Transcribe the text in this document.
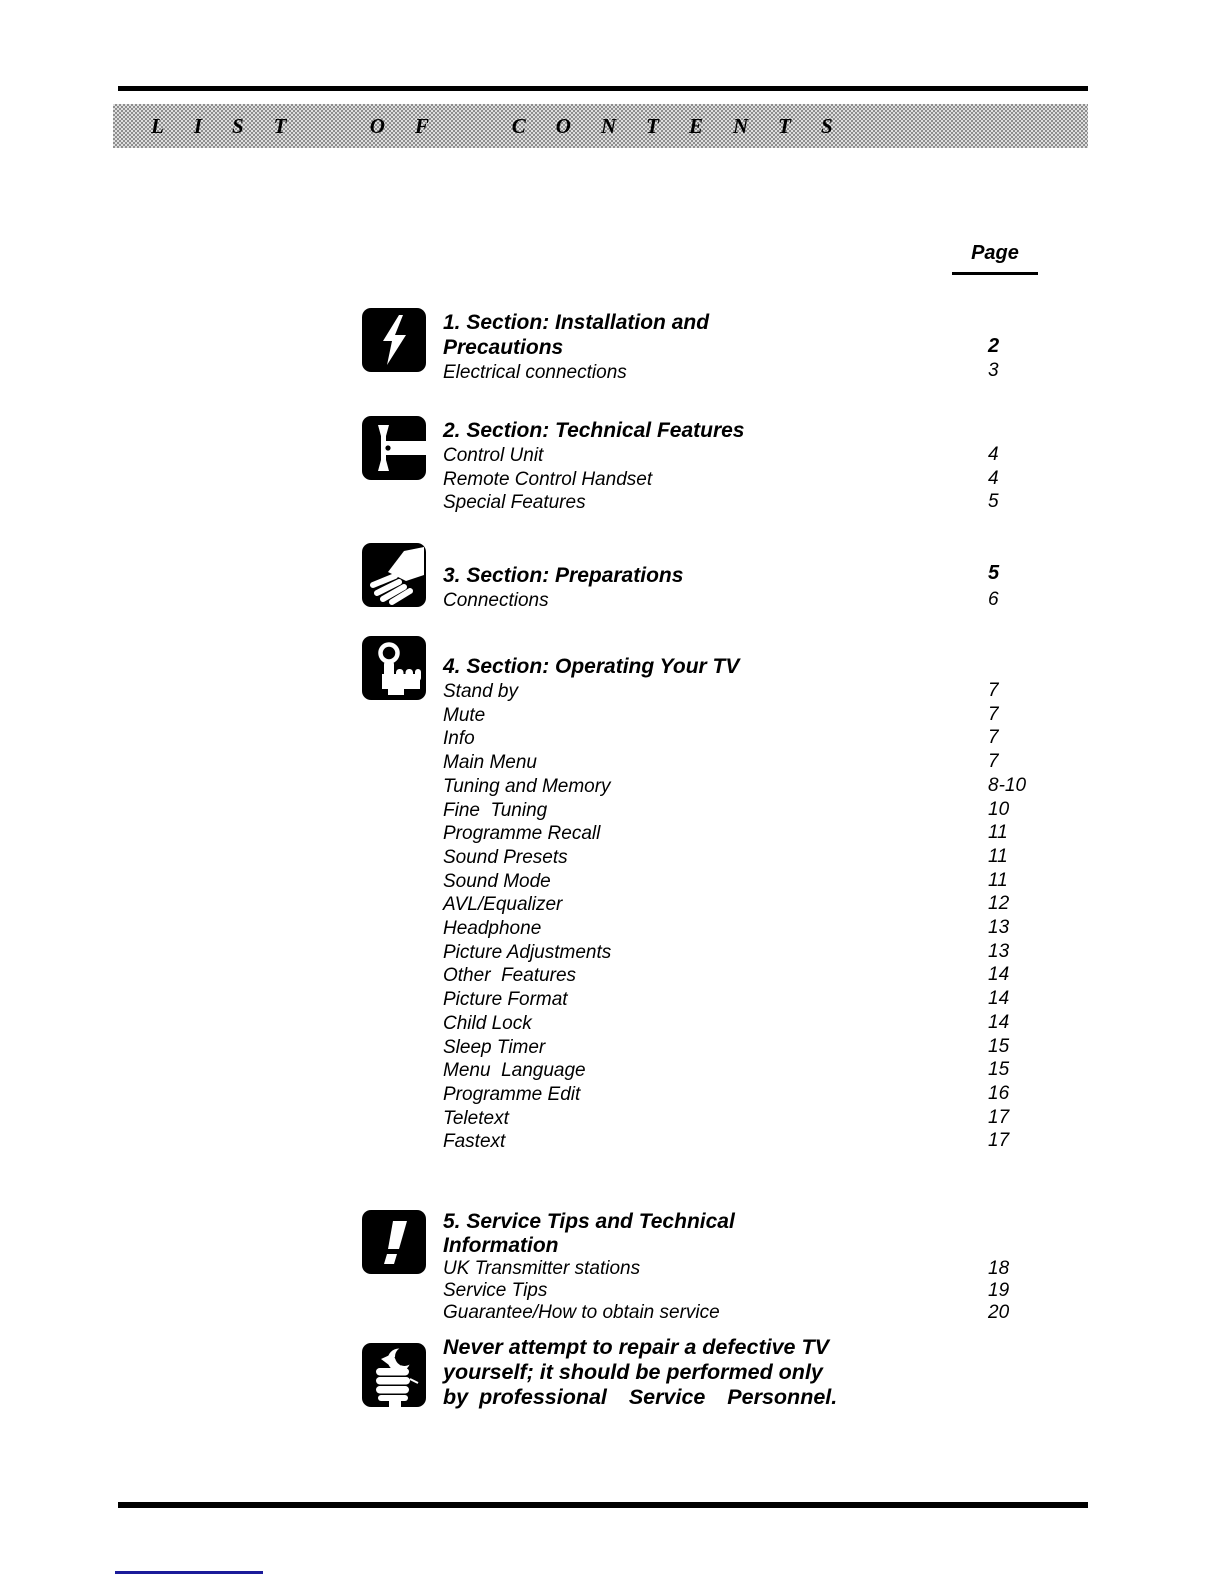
LIST OF CONTENTS
Page
1. Section: Installation and
Precautions	2
Electrical connections	3
2. Section: Technical Features
Control Unit	4
Remote Control Handset	4
Special Features	5
3. Section: Preparations	5
Connections	6
4. Section: Operating Your TV
Stand by	7
Mute	7
Info	7
Main Menu	7
Tuning and Memory	8-10
Fine  Tuning	10
Programme Recall	11
Sound Presets	11
Sound Mode	11
AVL/Equalizer	12
Headphone	13
Picture Adjustments	13
Other  Features	14
Picture Format	14
Child Lock	14
Sleep Timer	15
Menu  Language	15
Programme Edit	16
Teletext	17
Fastext	17
5. Service Tips and Technical
Information
UK Transmitter stations	18
Service Tips	19
Guarantee/How to obtain service	20
Never attempt to repair a defective TV
yourself; it should be performed only
by professional  Service  Personnel.
